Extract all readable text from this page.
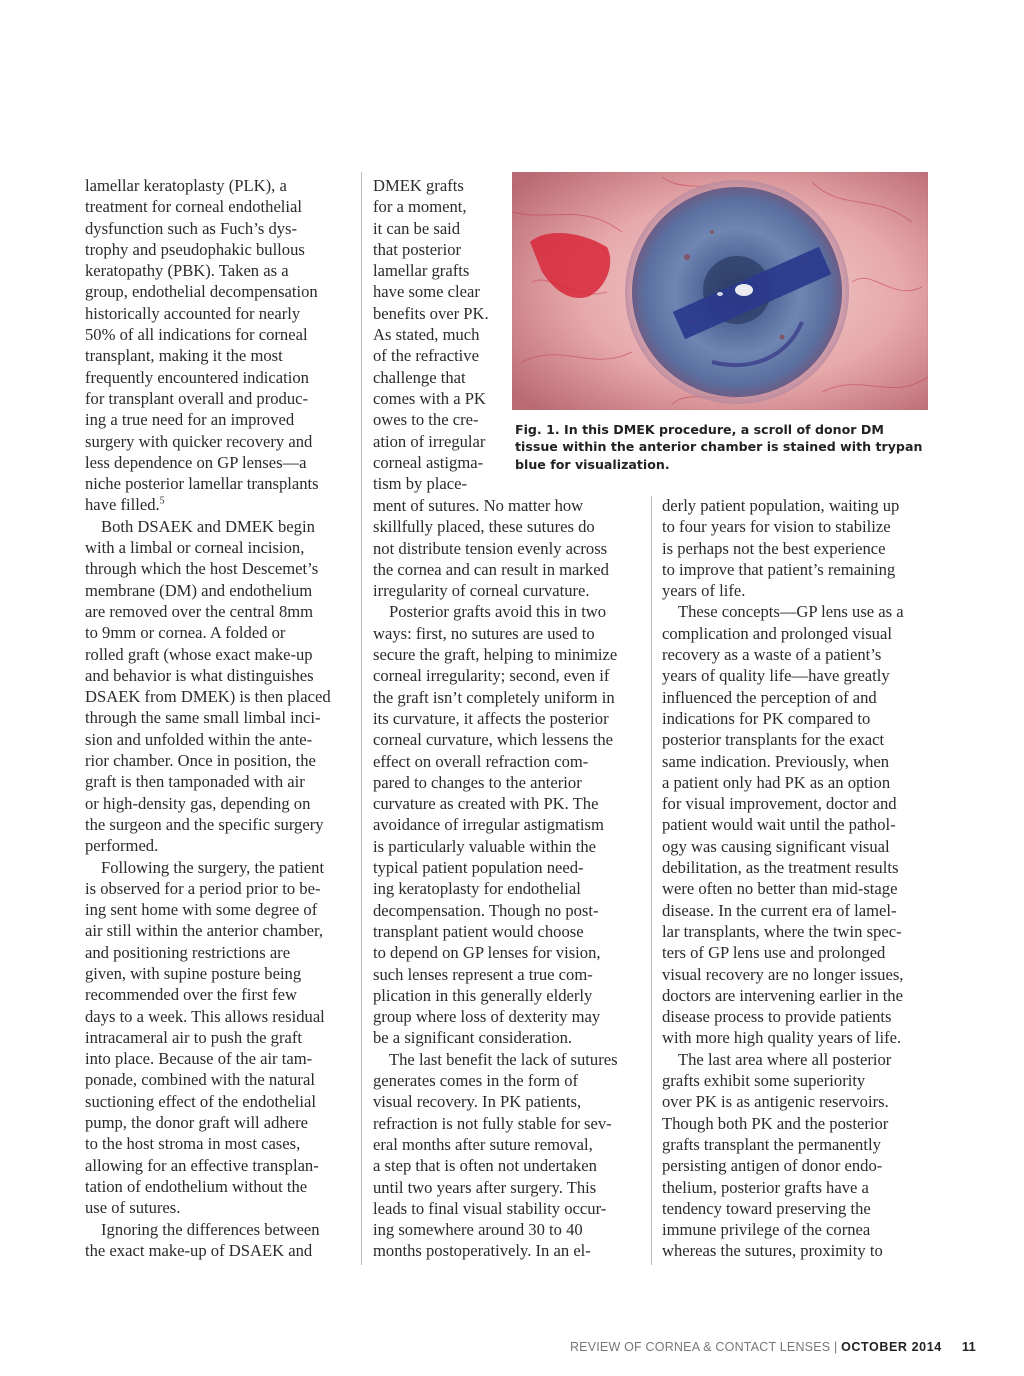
lamellar keratoplasty (PLK), a
treatment for corneal endothelial
dysfunction such as Fuch’s dys-
trophy and pseudophakic bullous
keratopathy (PBK). Taken as a
group, endothelial decompensation
historically accounted for nearly
50% of all indications for corneal
transplant, making it the most
frequently encountered indication
for transplant overall and produc-
ing a true need for an improved
surgery with quicker recovery and
less dependence on GP lenses—a
niche posterior lamellar transplants
have filled.$^5$
Both DSAEK and DMEK begin
with a limbal or corneal incision,
through which the host Descemet’s
membrane (DM) and endothelium
are removed over the central 8mm
to 9mm or cornea. A folded or
rolled graft (whose exact make-up
and behavior is what distinguishes
DSAEK from DMEK) is then placed
through the same small limbal inci-
sion and unfolded within the ante-
rior chamber. Once in position, the
graft is then tamponaded with air
or high-density gas, depending on
the surgeon and the specific surgery
performed.
Following the surgery, the patient
is observed for a period prior to be-
ing sent home with some degree of
air still within the anterior chamber,
and positioning restrictions are
given, with supine posture being
recommended over the first few
days to a week. This allows residual
intracameral air to push the graft
into place. Because of the air tam-
ponade, combined with the natural
suctioning effect of the endothelial
pump, the donor graft will adhere
to the host stroma in most cases,
allowing for an effective transplan-
tation of endothelium without the
use of sutures.
Ignoring the differences between
the exact make-up of DSAEK and
DMEK grafts
for a moment,
it can be said
that posterior
lamellar grafts
have some clear
benefits over PK.
As stated, much
of the refractive
challenge that
comes with a PK
owes to the cre-
ation of irregular
corneal astigma-
tism by place-
ment of sutures. No matter how
skillfully placed, these sutures do
not distribute tension evenly across
the cornea and can result in marked
irregularity of corneal curvature.
Posterior grafts avoid this in two
ways: first, no sutures are used to
secure the graft, helping to minimize
corneal irregularity; second, even if
the graft isn’t completely uniform in
its curvature, it affects the posterior
corneal curvature, which lessens the
effect on overall refraction com-
pared to changes to the anterior
curvature as created with PK. The
avoidance of irregular astigmatism
is particularly valuable within the
typical patient population need-
ing keratoplasty for endothelial
decompensation. Though no post-
transplant patient would choose
to depend on GP lenses for vision,
such lenses represent a true com-
plication in this generally elderly
group where loss of dexterity may
be a significant consideration.
The last benefit the lack of sutures
generates comes in the form of
visual recovery. In PK patients,
refraction is not fully stable for sev-
eral months after suture removal,
a step that is often not undertaken
until two years after surgery. This
leads to final visual stability occur-
ing somewhere around 30 to 40
months postoperatively. In an el-
derly patient population, waiting up
to four years for vision to stabilize
is perhaps not the best experience
to improve that patient’s remaining
years of life.
These concepts—GP lens use as a
complication and prolonged visual
recovery as a waste of a patient’s
years of quality life—have greatly
influenced the perception of and
indications for PK compared to
posterior transplants for the exact
same indication. Previously, when
a patient only had PK as an option
for visual improvement, doctor and
patient would wait until the pathol-
ogy was causing significant visual
debilitation, as the treatment results
were often no better than mid-stage
disease. In the current era of lamel-
lar transplants, where the twin spec-
ters of GP lens use and prolonged
visual recovery are no longer issues,
doctors are intervening earlier in the
disease process to provide patients
with more high quality years of life.
The last area where all posterior
grafts exhibit some superiority
over PK is as antigenic reservoirs.
Though both PK and the posterior
grafts transplant the permanently
persisting antigen of donor endo-
thelium, posterior grafts have a
tendency toward preserving the
immune privilege of the cornea
whereas the sutures, proximity to
Fig. 1. In this DMEK procedure, a scroll of donor DM
tissue within the anterior chamber is stained with trypan
blue for visualization.
REVIEW OF CORNEA & CONTACT LENSES | OCTOBER 2014 11
